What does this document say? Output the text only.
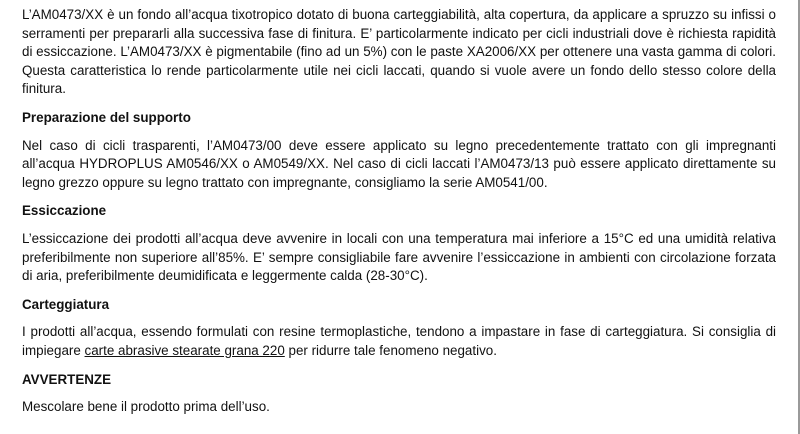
L’AM0473/XX è un fondo all’acqua tixotropico dotato di buona carteggiabilità, alta copertura, da applicare a spruzzo su infissi o serramenti per prepararli alla successiva fase di finitura. E’ particolarmente indicato per cicli industriali dove è richiesta rapidità di essiccazione. L’AM0473/XX è pigmentabile (fino ad un 5%) con le paste XA2006/XX per ottenere una vasta gamma di colori. Questa caratteristica lo rende particolarmente utile nei cicli laccati, quando si vuole avere un fondo dello stesso colore della finitura.

Preparazione del supporto

Nel caso di cicli trasparenti, l’AM0473/00 deve essere applicato su legno precedentemente trattato con gli impregnanti all’acqua HYDROPLUS AM0546/XX o AM0549/XX. Nel caso di cicli laccati l’AM0473/13 può essere applicato direttamente su legno grezzo oppure su legno trattato con impregnante, consigliamo la serie AM0541/00.

Essiccazione

L’essiccazione dei prodotti all’acqua deve avvenire in locali con una temperatura mai inferiore a 15°C ed una umidità relativa preferibilmente non superiore all’85%. E’ sempre consigliabile fare avvenire l’essiccazione in ambienti con circolazione forzata di aria, preferibilmente deumidificata e leggermente calda (28-30°C).

Carteggiatura

I prodotti all’acqua, essendo formulati con resine termoplastiche, tendono a impastare in fase di carteggiatura. Si consiglia di impiegare carte abrasive stearate grana 220 per ridurre tale fenomeno negativo.

AVVERTENZE

Mescolare bene il prodotto prima dell’uso.
